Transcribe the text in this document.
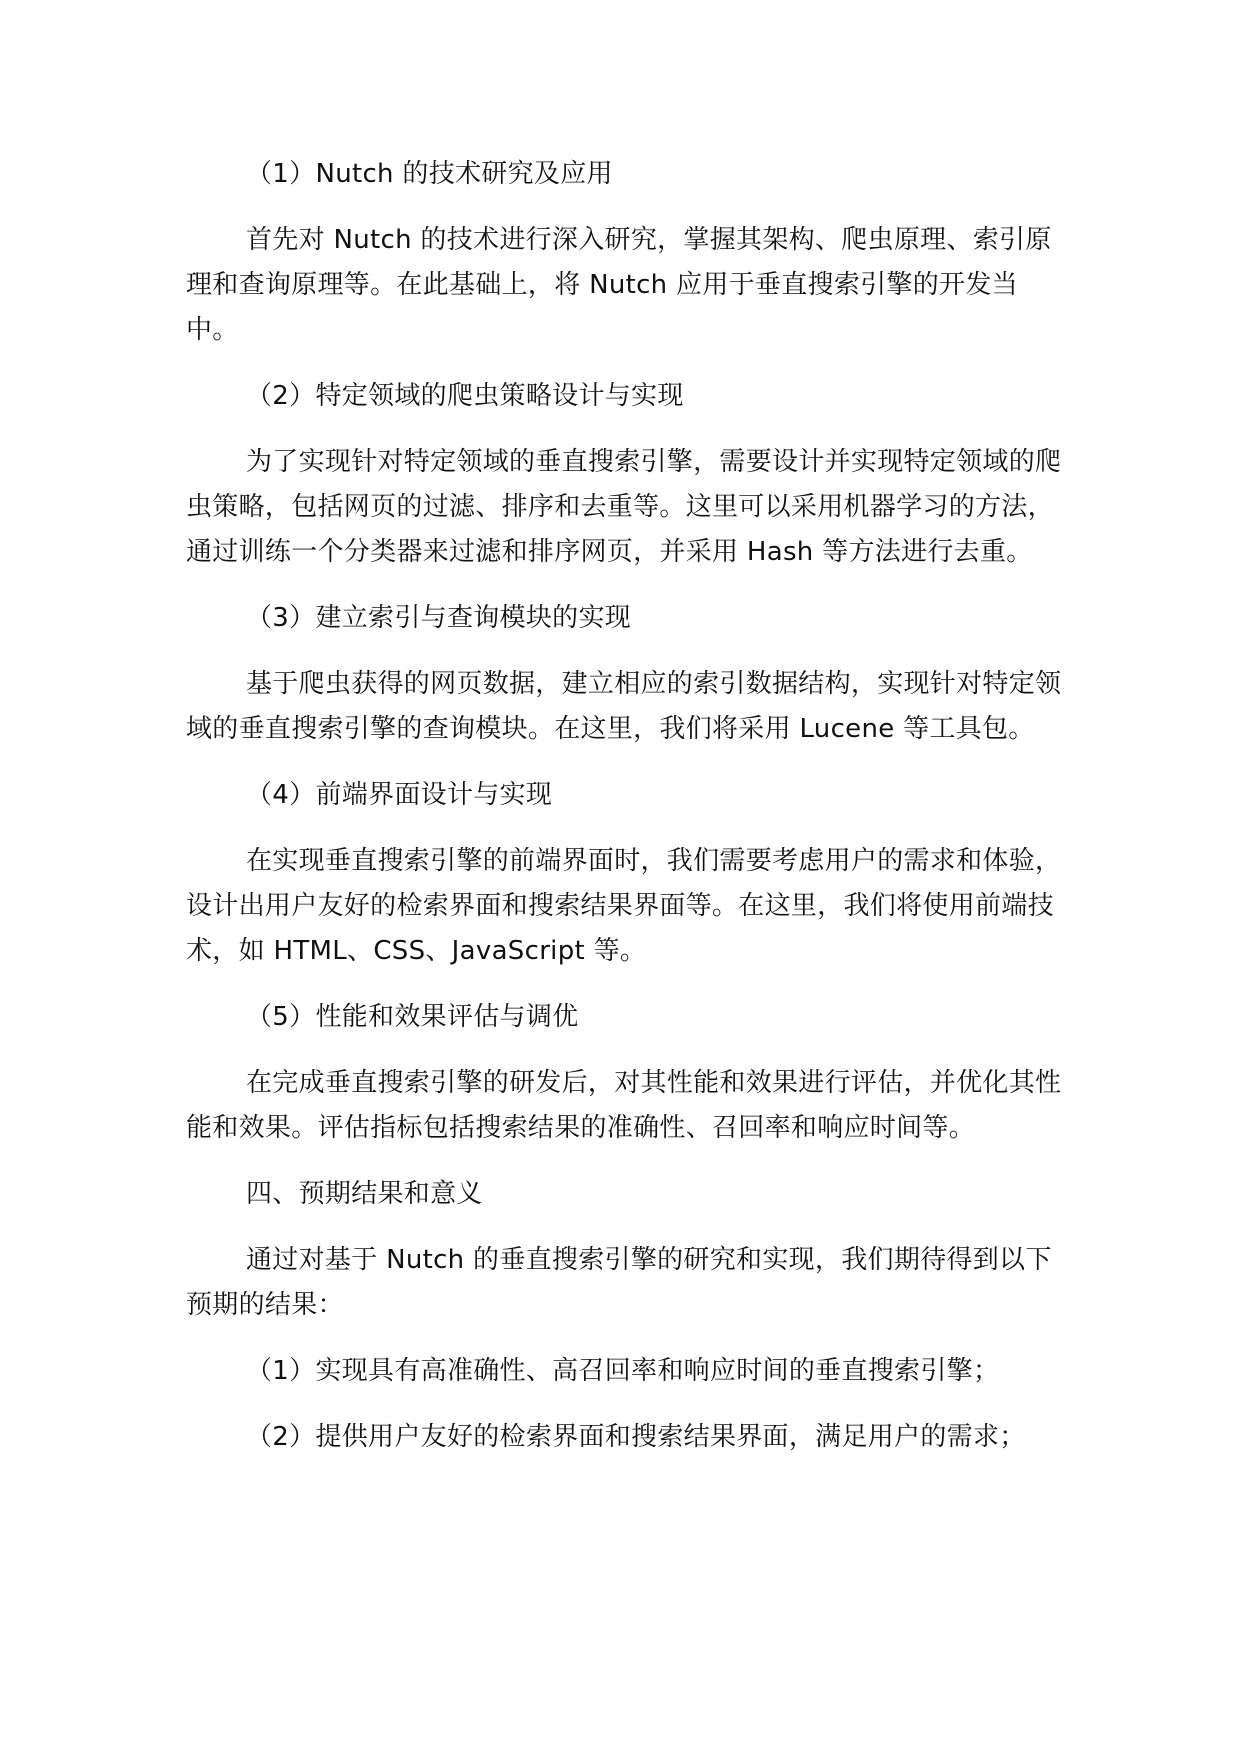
（1）Nutch 的技术研究及应用

首先对 Nutch 的技术进行深入研究，掌握其架构、爬虫原理、索引原理和查询原理等。在此基础上，将 Nutch 应用于垂直搜索引擎的开发当中。

（2）特定领域的爬虫策略设计与实现

为了实现针对特定领域的垂直搜索引擎，需要设计并实现特定领域的爬虫策略，包括网页的过滤、排序和去重等。这里可以采用机器学习的方法，通过训练一个分类器来过滤和排序网页，并采用 Hash 等方法进行去重。

（3）建立索引与查询模块的实现

基于爬虫获得的网页数据，建立相应的索引数据结构，实现针对特定领域的垂直搜索引擎的查询模块。在这里，我们将采用 Lucene 等工具包。

（4）前端界面设计与实现

在实现垂直搜索引擎的前端界面时，我们需要考虑用户的需求和体验，设计出用户友好的检索界面和搜索结果界面等。在这里，我们将使用前端技术，如 HTML、CSS、JavaScript 等。

（5）性能和效果评估与调优

在完成垂直搜索引擎的研发后，对其性能和效果进行评估，并优化其性能和效果。评估指标包括搜索结果的准确性、召回率和响应时间等。

四、预期结果和意义

通过对基于 Nutch 的垂直搜索引擎的研究和实现，我们期待得到以下预期的结果：

（1）实现具有高准确性、高召回率和响应时间的垂直搜索引擎；

（2）提供用户友好的检索界面和搜索结果界面，满足用户的需求；
